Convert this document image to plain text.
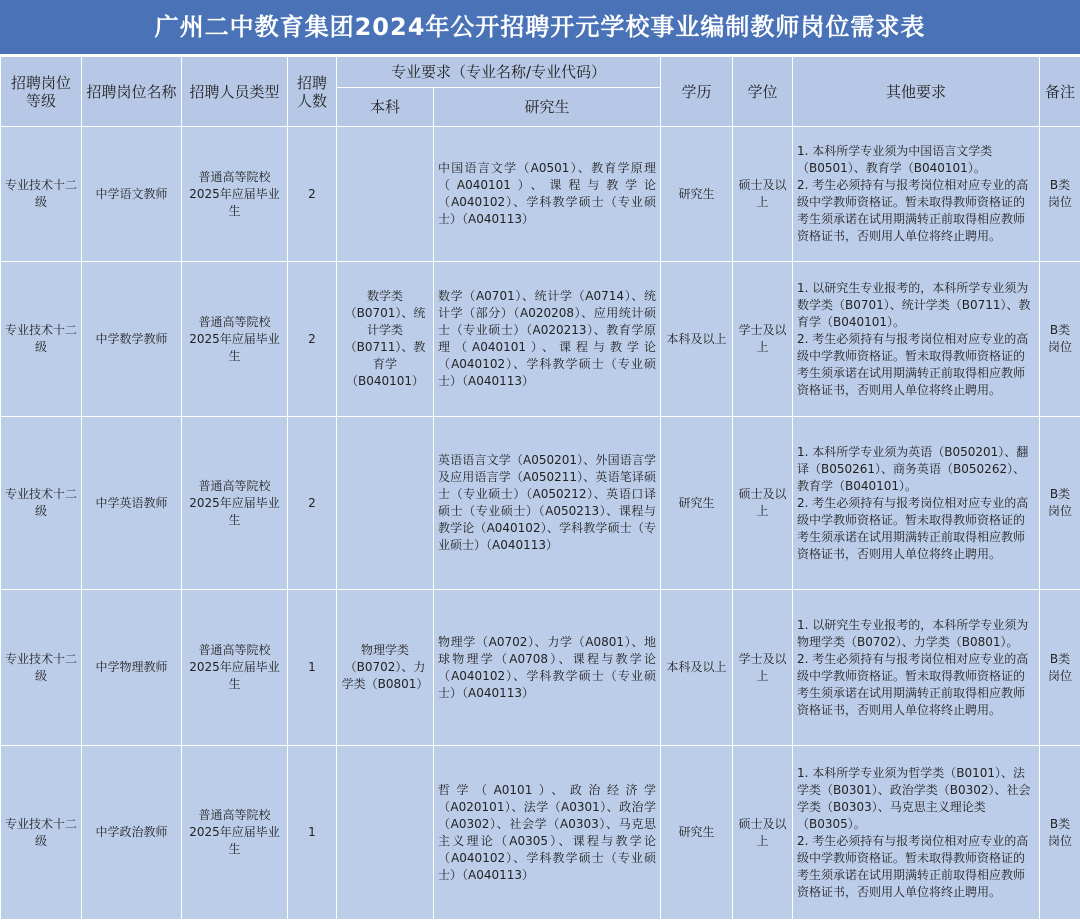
广州二中教育集团2024年公开招聘开元学校事业编制教师岗位需求表
招聘岗位等级	招聘岗位名称	招聘人员类型	招聘人数	专业要求（专业名称/专业代码）		学历	学位	其他要求	备注
				本科	研究生				
专业技术十二级	中学语文教师	普通高等院校2025年应届毕业生	2		中国语言文学（A0501）、教育学原理（A040101）、课程与教学论（A040102）、学科教学硕士（专业硕士）（A040113）	研究生	硕士及以上	1. 本科所学专业须为中国语言文学类（B0501）、教育学（B040101）。
2. 考生必须持有与报考岗位相对应专业的高级中学教师资格证。暂未取得教师资格证的考生须承诺在试用期满转正前取得相应教师资格证书，否则用人单位将终止聘用。	B类岗位
专业技术十二级	中学数学教师	普通高等院校2025年应届毕业生	2	数学类（B0701）、统计学类（B0711）、教育学（B040101）	数学（A0701）、统计学（A0714）、统计学（部分）（A020208）、应用统计硕士（专业硕士）（A020213）、教育学原理（A040101）、课程与教学论（A040102）、学科教学硕士（专业硕士）（A040113）	本科及以上	学士及以上	1. 以研究生专业报考的，本科所学专业须为数学类（B0701）、统计学类（B0711）、教育学（B040101）。
2. 考生必须持有与报考岗位相对应专业的高级中学教师资格证。暂未取得教师资格证的考生须承诺在试用期满转正前取得相应教师资格证书，否则用人单位将终止聘用。	B类岗位
专业技术十二级	中学英语教师	普通高等院校2025年应届毕业生	2		英语语言文学（A050201）、外国语言学及应用语言学（A050211）、英语笔译硕士（专业硕士）（A050212）、英语口译硕士（专业硕士）（A050213）、课程与教学论（A040102）、学科教学硕士（专业硕士）（A040113）	研究生	硕士及以上	1. 本科所学专业须为英语（B050201）、翻译（B050261）、商务英语（B050262）、教育学（B040101）。
2. 考生必须持有与报考岗位相对应专业的高级中学教师资格证。暂未取得教师资格证的考生须承诺在试用期满转正前取得相应教师资格证书，否则用人单位将终止聘用。	B类岗位
专业技术十二级	中学物理教师	普通高等院校2025年应届毕业生	1	物理学类（B0702）、力学类（B0801）	物理学（A0702）、力学（A0801）、地球物理学（A0708）、课程与教学论（A040102）、学科教学硕士（专业硕士）（A040113）	本科及以上	学士及以上	1. 以研究生专业报考的，本科所学专业须为物理学类（B0702）、力学类（B0801）。
2. 考生必须持有与报考岗位相对应专业的高级中学教师资格证。暂未取得教师资格证的考生须承诺在试用期满转正前取得相应教师资格证书，否则用人单位将终止聘用。	B类岗位
专业技术十二级	中学政治教师	普通高等院校2025年应届毕业生	1		哲学（A0101）、政治经济学（A020101）、法学（A0301）、政治学（A0302）、社会学（A0303）、马克思主义理论（A0305）、课程与教学论（A040102）、学科教学硕士（专业硕士）（A040113）	研究生	硕士及以上	1. 本科所学专业须为哲学类（B0101）、法学类（B0301）、政治学类（B0302）、社会学类（B0303）、马克思主义理论类（B0305）。
2. 考生必须持有与报考岗位相对应专业的高级中学教师资格证。暂未取得教师资格证的考生须承诺在试用期满转正前取得相应教师资格证书，否则用人单位将终止聘用。	B类岗位
